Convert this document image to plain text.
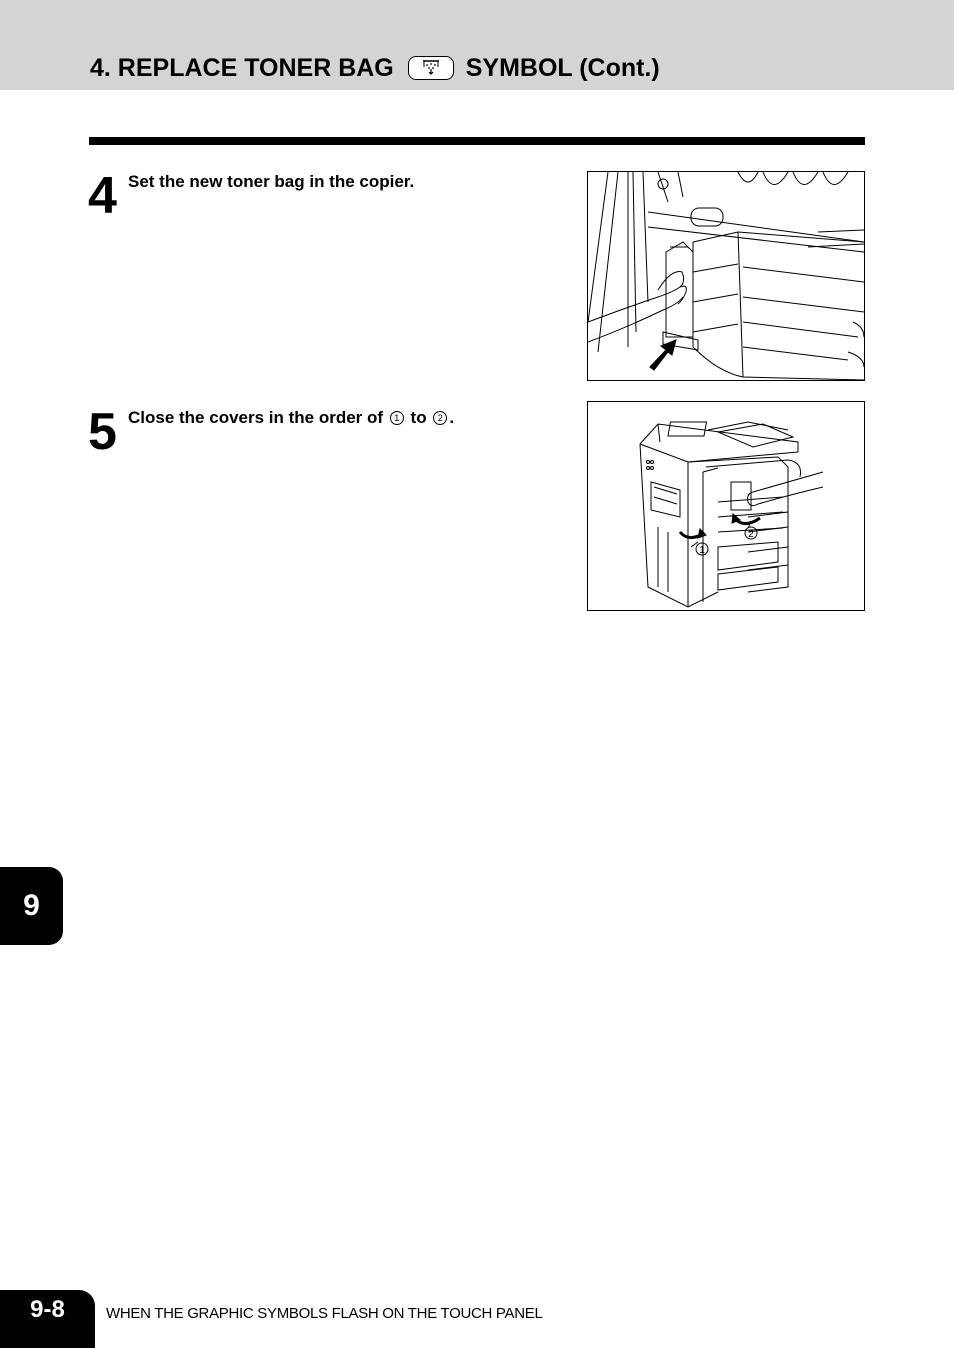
4. REPLACE TONER BAG	SYMBOL (Cont.)
4 Set the new toner bag in the copier.
5 Close the covers in the order of 1 to 2 .
1
2
9
9-8	WHEN THE GRAPHIC SYMBOLS FLASH ON THE TOUCH PANEL
